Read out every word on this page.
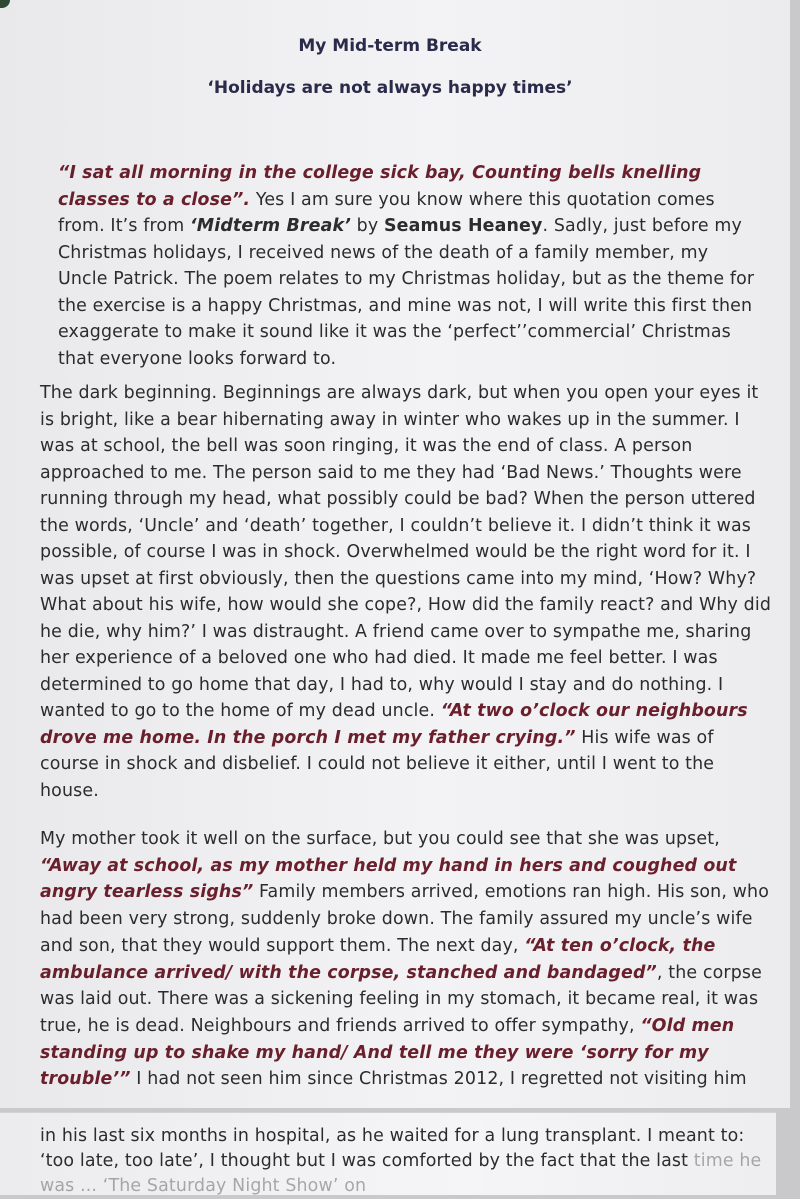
My Mid-term Break
‘Holidays are not always happy times’

“I sat all morning in the college sick bay, Counting bells knelling classes to a close”. Yes I am sure you know where this quotation comes from. It’s from ‘Midterm Break’ by Seamus Heaney. Sadly, just before my Christmas holidays, I received news of the death of a family member, my Uncle Patrick. The poem relates to my Christmas holiday, but as the theme for the exercise is a happy Christmas, and mine was not, I will write this first then exaggerate to make it sound like it was the ‘perfect’’commercial’ Christmas that everyone looks forward to.

The dark beginning. Beginnings are always dark, but when you open your eyes it is bright, like a bear hibernating away in winter who wakes up in the summer. I was at school, the bell was soon ringing, it was the end of class. A person approached to me. The person said to me they had ‘Bad News.’ Thoughts were running through my head, what possibly could be bad? When the person uttered the words, ‘Uncle’ and ‘death’ together, I couldn’t believe it. I didn’t think it was possible, of course I was in shock. Overwhelmed would be the right word for it. I was upset at first obviously, then the questions came into my mind, ‘How? Why? What about his wife, how would she cope?, How did the family react? and Why did he die, why him?’ I was distraught. A friend came over to sympathe me, sharing her experience of a beloved one who had died. It made me feel better. I was determined to go home that day, I had to, why would I stay and do nothing. I wanted to go to the home of my dead uncle. “At two o’clock our neighbours drove me home. In the porch I met my father crying.” His wife was of course in shock and disbelief. I could not believe it either, until I went to the house.

My mother took it well on the surface, but you could see that she was upset, “Away at school, as my mother held my hand in hers and coughed out angry tearless sighs” Family members arrived, emotions ran high. His son, who had been very strong, suddenly broke down. The family assured my uncle’s wife and son, that they would support them. The next day, “At ten o’clock, the ambulance arrived/ with the corpse, stanched and bandaged”, the corpse was laid out. There was a sickening feeling in my stomach, it became real, it was true, he is dead. Neighbours and friends arrived to offer sympathy, “Old men standing up to shake my hand/ And tell me they were ‘sorry for my trouble’” I had not seen him since Christmas 2012, I regretted not visiting him

in his last six months in hospital, as he waited for a lung transplant. I meant to: ‘too late, too late’, I thought but I was comforted by the fact that the last time he was ... ‘The Saturday Night Show’ on
